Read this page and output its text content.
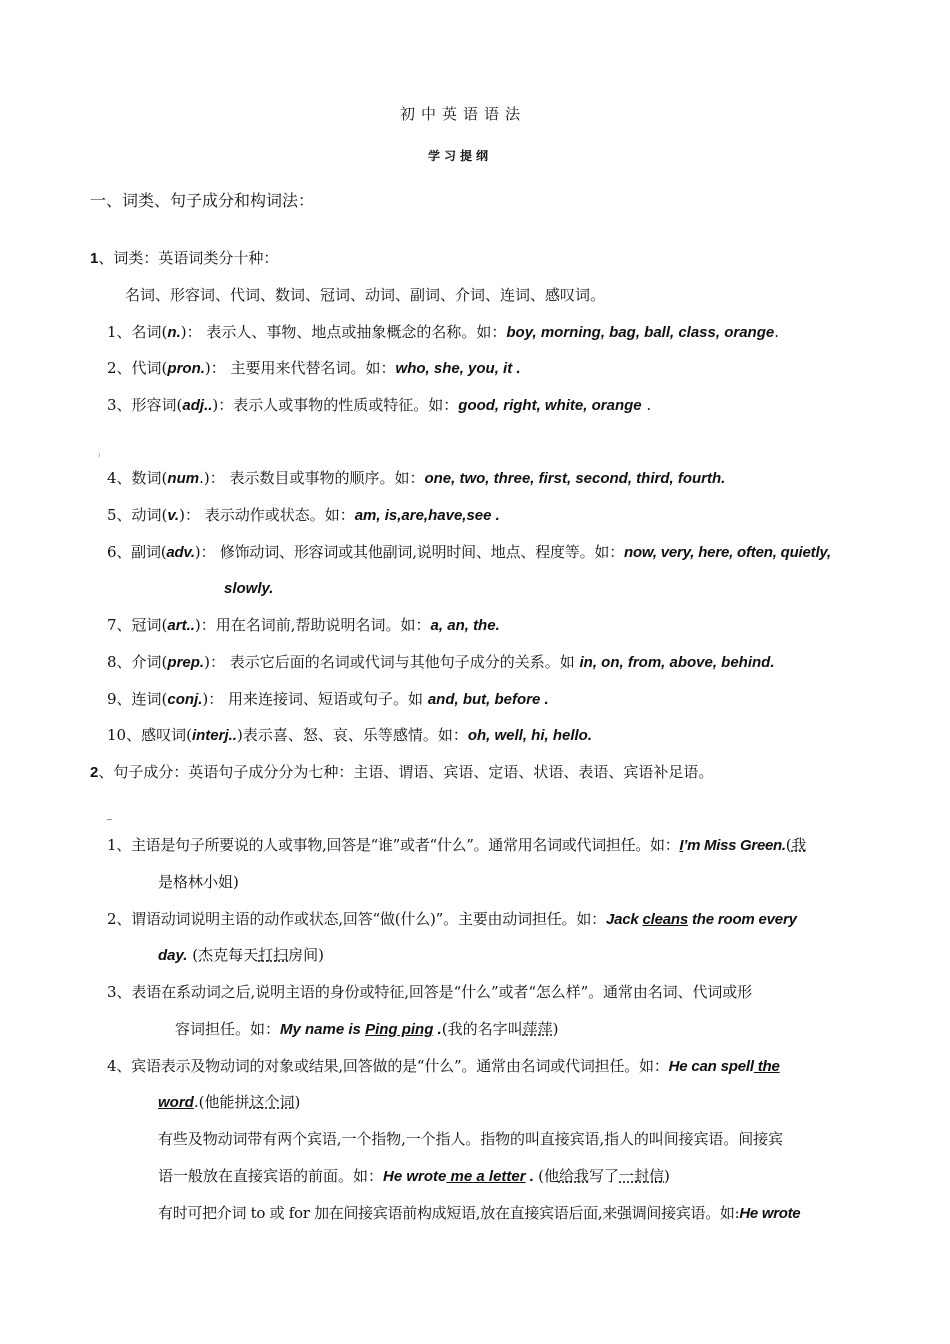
初中英语语法
学习提纲
一、词类、句子成分和构词法：
1、词类：英语词类分十种：
名词、形容词、代词、数词、冠词、动词、副词、介词、连词、感叹词。
1、名词(n.)： 表示人、事物、地点或抽象概念的名称。如：boy, morning, bag, ball, class, orange.
2、代词(pron.)： 主要用来代替名词。如：who, she, you, it .
3、形容词(adj..)：表示人或事物的性质或特征。如：good, right, white, orange .
⁾
4、数词(num.)： 表示数目或事物的顺序。如：one, two, three, first, second, third, fourth.
5、动词(v.)： 表示动作或状态。如：am, is,are,have,see .
6、副词(adv.)： 修饰动词、形容词或其他副词,说明时间、地点、程度等。如：now, very, here, often, quietly,
slowly.
7、冠词(art..)：用在名词前,帮助说明名词。如：a, an, the.
8、介词(prep.)： 表示它后面的名词或代词与其他句子成分的关系。如 in, on, from, above, behind.
9、连词(conj.)： 用来连接词、短语或句子。如 and, but, before .
10、感叹词(interj..)表示喜、怒、哀、乐等感情。如：oh, well, hi, hello.
2、句子成分：英语句子成分分为七种：主语、谓语、宾语、定语、状语、表语、宾语补足语。
~
1、主语是句子所要说的人或事物,回答是“谁”或者“什么”。通常用名词或代词担任。如：I’m Miss Green.(我
是格林小姐)
2、谓语动词说明主语的动作或状态,回答“做(什么)”。主要由动词担任。如：Jack cleans the room every
day. (杰克每天打扫房间)
3、表语在系动词之后,说明主语的身份或特征,回答是“什么”或者“怎么样”。通常由名词、代词或形
容词担任。如：My name is Ping ping .(我的名字叫萍萍)
4、宾语表示及物动词的对象或结果,回答做的是“什么”。通常由名词或代词担任。如：He can spell the
word.(他能拼这个词)
有些及物动词带有两个宾语,一个指物,一个指人。指物的叫直接宾语,指人的叫间接宾语。间接宾
语一般放在直接宾语的前面。如：He wrote me a letter . (他给我写了一封信)
有时可把介词 to 或 for 加在间接宾语前构成短语,放在直接宾语后面,来强调间接宾语。如:He wrote
